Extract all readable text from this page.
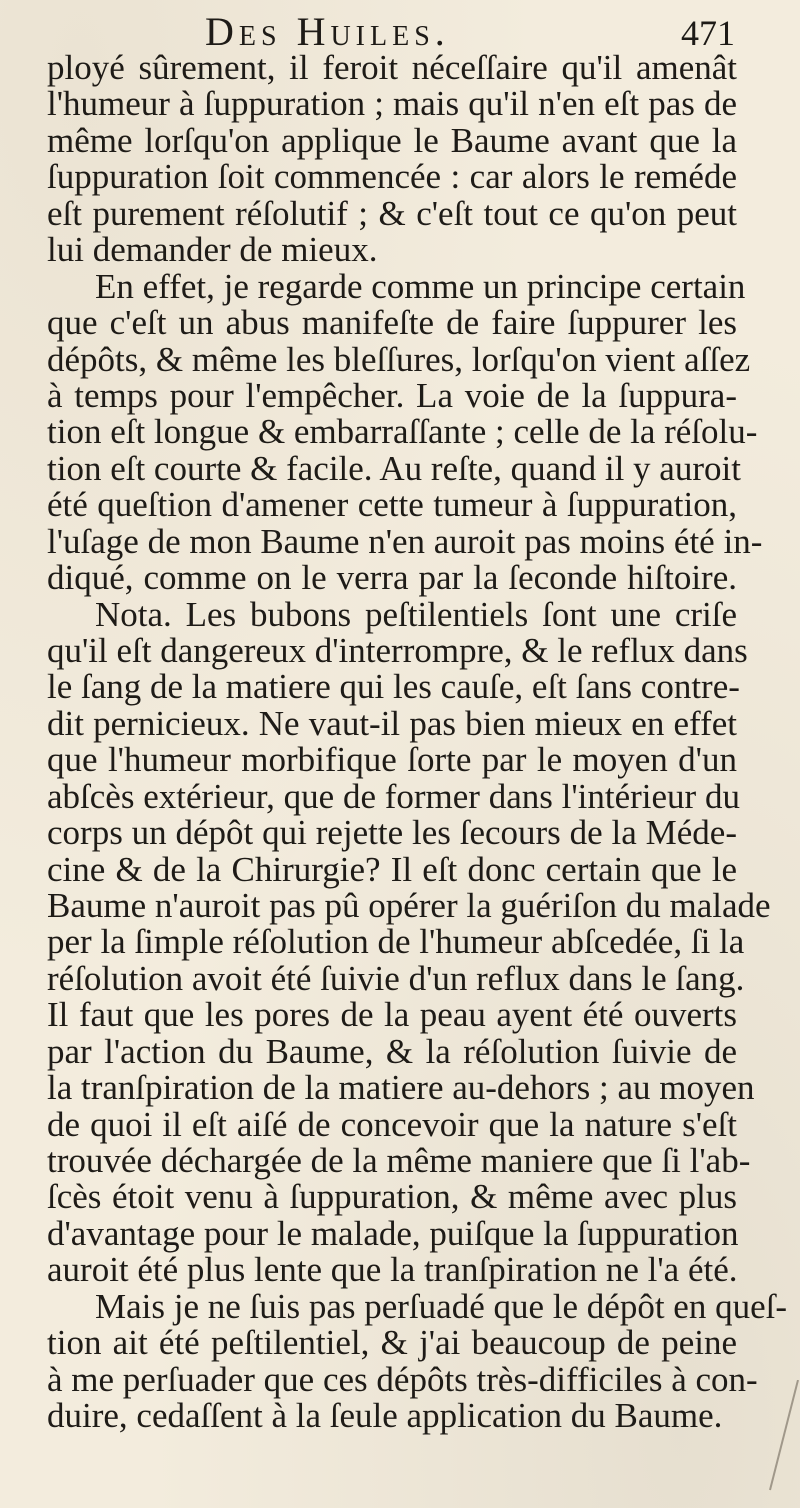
Des Huiles.	471
ployé sûrement, il feroit néceſſaire qu'il amenât
l'humeur à ſuppuration ; mais qu'il n'en eſt pas de
même lorſqu'on applique le Baume avant que la
ſuppuration ſoit commencée : car alors le reméde
eſt purement réſolutif ; & c'eſt tout ce qu'on peut
lui demander de mieux.
En effet, je regarde comme un principe certain
que c'eſt un abus manifeſte de faire ſuppurer les
dépôts, & même les bleſſures, lorſqu'on vient aſſez
à temps pour l'empêcher. La voie de la ſuppura-
tion eſt longue & embarraſſante ; celle de la réſolu-
tion eſt courte & facile. Au reſte, quand il y auroit
été queſtion d'amener cette tumeur à ſuppuration,
l'uſage de mon Baume n'en auroit pas moins été in-
diqué, comme on le verra par la ſeconde hiſtoire.
Nota. Les bubons peſtilentiels ſont une criſe
qu'il eſt dangereux d'interrompre, & le reflux dans
le ſang de la matiere qui les cauſe, eſt ſans contre-
dit pernicieux. Ne vaut-il pas bien mieux en effet
que l'humeur morbifique ſorte par le moyen d'un
abſcès extérieur, que de former dans l'intérieur du
corps un dépôt qui rejette les ſecours de la Méde-
cine & de la Chirurgie? Il eſt donc certain que le
Baume n'auroit pas pû opérer la guériſon du malade
per la ſimple réſolution de l'humeur abſcedée, ſi la
réſolution avoit été ſuivie d'un reflux dans le ſang.
Il faut que les pores de la peau ayent été ouverts
par l'action du Baume, & la réſolution ſuivie de
la tranſpiration de la matiere au-dehors ; au moyen
de quoi il eſt aiſé de concevoir que la nature s'eſt
trouvée déchargée de la même maniere que ſi l'ab-
ſcès étoit venu à ſuppuration, & même avec plus
d'avantage pour le malade, puiſque la ſuppuration
auroit été plus lente que la tranſpiration ne l'a été.
Mais je ne ſuis pas perſuadé que le dépôt en queſ-
tion ait été peſtilentiel, & j'ai beaucoup de peine
à me perſuader que ces dépôts très-difficiles à con-
duire, cedaſſent à la ſeule application du Baume.
